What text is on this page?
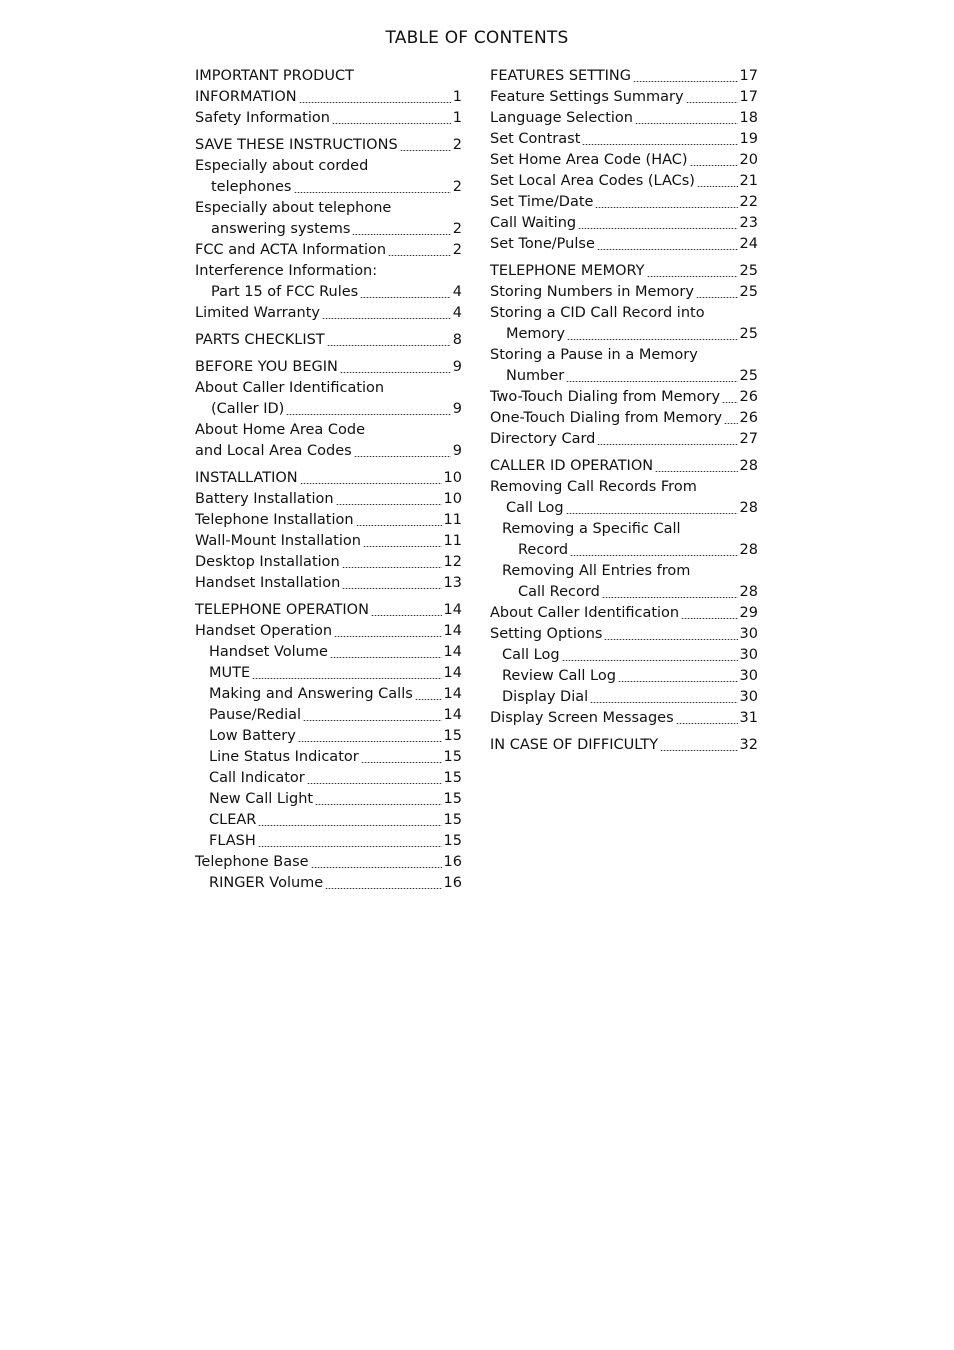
TABLE OF CONTENTS
IMPORTANT PRODUCT
INFORMATION	1
Safety Information	1
SAVE THESE INSTRUCTIONS	2
Especially about corded
telephones	2
Especially about telephone
answering systems	2
FCC and ACTA Information	2
Interference Information:
Part 15 of FCC Rules	4
Limited Warranty	4
PARTS CHECKLIST	8
BEFORE YOU BEGIN	9
About Caller Identification
(Caller ID)	9
About Home Area Code
and Local Area Codes	9
INSTALLATION	10
Battery Installation	10
Telephone Installation	11
Wall-Mount Installation	11
Desktop Installation	12
Handset Installation	13
TELEPHONE OPERATION	14
Handset Operation	14
Handset Volume	14
MUTE	14
Making and Answering Calls 14
Pause/Redial	14
Low Battery	15
Line Status Indicator	15
Call Indicator	15
New Call Light	15
CLEAR	15
FLASH	15
Telephone Base	16
RINGER Volume	16
FEATURES SETTING	17
Feature Settings Summary	17
Language Selection	18
Set Contrast	19
Set Home Area Code (HAC)	20
Set Local Area Codes (LACs)	21
Set Time/Date	22
Call Waiting	23
Set Tone/Pulse	24
TELEPHONE MEMORY	25
Storing Numbers in Memory	25
Storing a CID Call Record into
Memory	25
Storing a Pause in a Memory
Number	25
Two-Touch Dialing from Memory 26
One-Touch Dialing from Memory 26
Directory Card	27
CALLER ID OPERATION	28
Removing Call Records From
Call Log	28
Removing a Specific Call
Record	28
Removing All Entries from
Call Record	28
About Caller Identification	29
Setting Options	30
Call Log	30
Review Call Log	30
Display Dial	30
Display Screen Messages	31
IN CASE OF DIFFICULTY	32
